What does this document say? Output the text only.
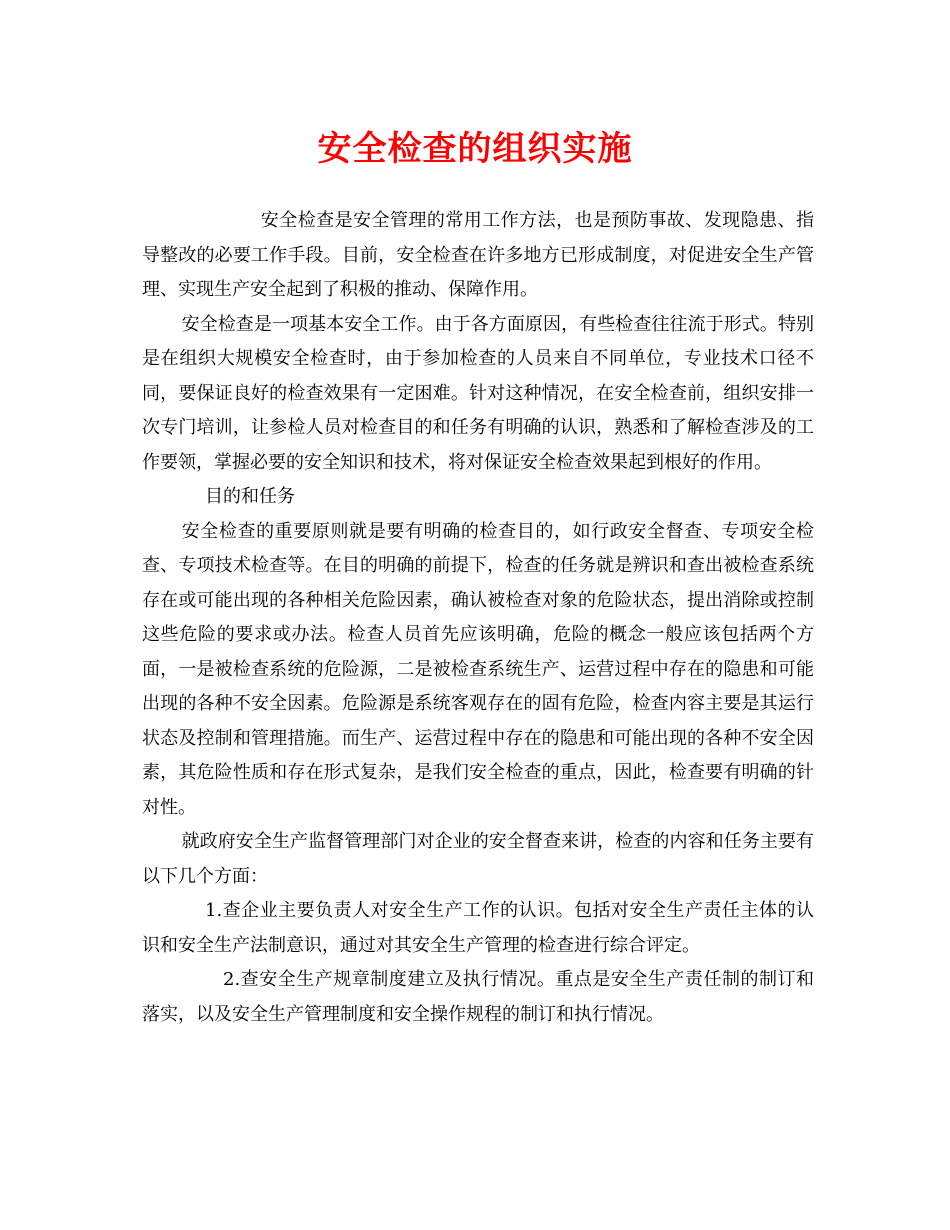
安全检查的组织实施

安全检查是安全管理的常用工作方法，也是预防事故、发现隐患、指导整改的必要工作手段。目前，安全检查在许多地方已形成制度，对促进安全生产管理、实现生产安全起到了积极的推动、保障作用。

安全检查是一项基本安全工作。由于各方面原因，有些检查往往流于形式。特别是在组织大规模安全检查时，由于参加检查的人员来自不同单位，专业技术口径不同，要保证良好的检查效果有一定困难。针对这种情况，在安全检查前，组织安排一次专门培训，让参检人员对检查目的和任务有明确的认识，熟悉和了解检查涉及的工作要领，掌握必要的安全知识和技术，将对保证安全检查效果起到根好的作用。

目的和任务

安全检查的重要原则就是要有明确的检查目的，如行政安全督查、专项安全检查、专项技术检查等。在目的明确的前提下，检查的任务就是辨识和查出被检查系统存在或可能出现的各种相关危险因素，确认被检查对象的危险状态，提出消除或控制这些危险的要求或办法。检查人员首先应该明确，危险的概念一般应该包括两个方面，一是被检查系统的危险源，二是被检查系统生产、运营过程中存在的隐患和可能出现的各种不安全因素。危险源是系统客观存在的固有危险，检查内容主要是其运行状态及控制和管理措施。而生产、运营过程中存在的隐患和可能出现的各种不安全因素，其危险性质和存在形式复杂，是我们安全检查的重点，因此，检查要有明确的针对性。

就政府安全生产监督管理部门对企业的安全督查来讲，检查的内容和任务主要有以下几个方面：

1.查企业主要负责人对安全生产工作的认识。包括对安全生产责任主体的认识和安全生产法制意识，通过对其安全生产管理的检查进行综合评定。

2.查安全生产规章制度建立及执行情况。重点是安全生产责任制的制订和落实，以及安全生产管理制度和安全操作规程的制订和执行情况。
